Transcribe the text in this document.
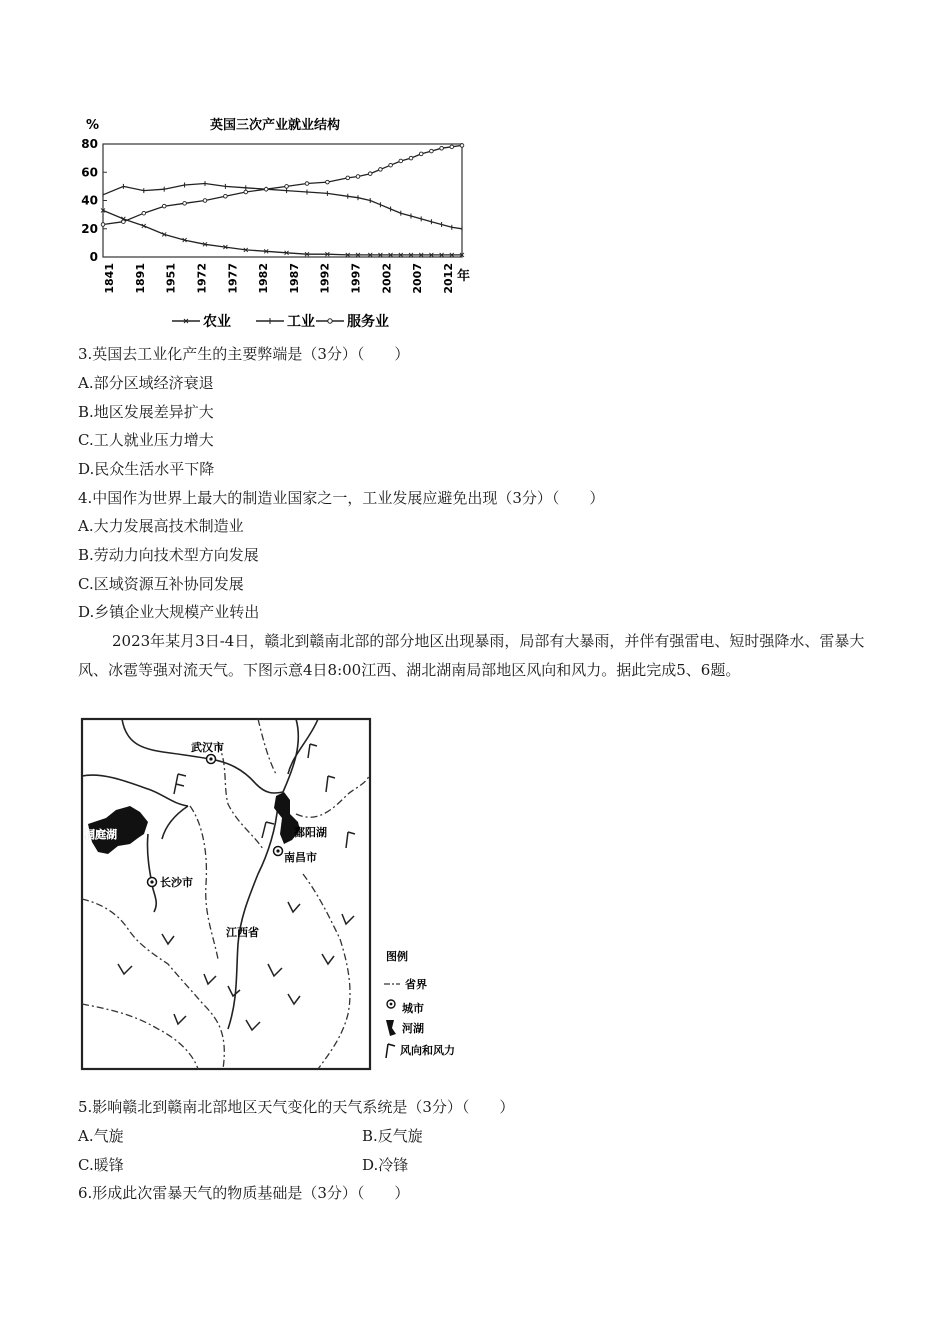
英国三次产业就业结构
%
年
80
60
40
20
0
1841 1891 1951 1972 1977 1982 1987 1992 1997 2002 2007 2012
农业	工业 服务业
3.英国去工业化产生的主要弊端是（3分）（　　）
A.部分区域经济衰退
B.地区发展差异扩大
C.工人就业压力增大
D.民众生活水平下降
4.中国作为世界上最大的制造业国家之一，工业发展应避免出现（3分）（　　）
A.大力发展高技术制造业
B.劳动力向技术型方向发展
C.区域资源互补协同发展
D.乡镇企业大规模产业转出
2023年某月3日-4日，赣北到赣南北部的部分地区出现暴雨，局部有大暴雨，并伴有强雷电、短时强降水、雷暴大风、冰雹等强对流天气。下图示意4日8:00江西、湖北湖南局部地区风向和风力。据此完成5、6题。
武汉市
南昌市
长沙市
洞庭湖	鄱阳湖
江西省
图例
省界
城市
河湖
风向和风力
5.影响赣北到赣南北部地区天气变化的天气系统是（3分）（　　）
A.气旋	B.反气旋
C.暖锋	D.冷锋
6.形成此次雷暴天气的物质基础是（3分）（　　）
